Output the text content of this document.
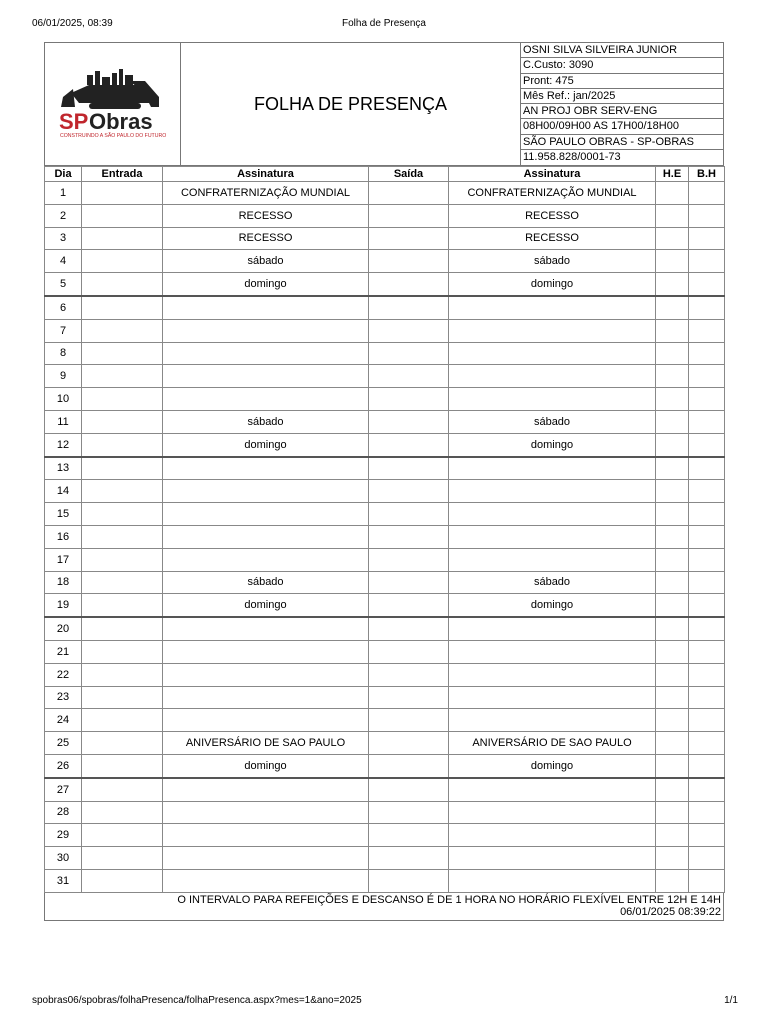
06/01/2025, 08:39	Folha de Presença
SP Obras
CONSTRUINDO A SÃO PAULO DO FUTURO
	FOLHA DE PRESENÇA	
OSNI SILVA SILVEIRA JUNIOR
C.Custo: 3090
Pront: 475
Mês Ref.: jan/2025
AN PROJ OBR SERV-ENG
08H00/09H00 AS 17H00/18H00
SÃO PAULO OBRAS - SP-OBRAS
11.958.828/0001-73
Dia	Entrada	Assinatura	Saída	Assinatura	H.E	B.H
1		CONFRATERNIZAÇÃO MUNDIAL		CONFRATERNIZAÇÃO MUNDIAL		
2		RECESSO		RECESSO		
3		RECESSO		RECESSO		
4		sábado		sábado		
5		domingo		domingo		
6						
7						
8						
9						
10						
11		sábado		sábado		
12		domingo		domingo		
13						
14						
15						
16						
17						
18		sábado		sábado		
19		domingo		domingo		
20						
21						
22						
23						
24						
25		ANIVERSÁRIO DE SAO PAULO		ANIVERSÁRIO DE SAO PAULO		
26		domingo		domingo		
27						
28						
29						
30						
31						
O INTERVALO PARA REFEIÇÕES E DESCANSO É DE 1 HORA NO HORÁRIO FLEXÍVEL ENTRE 12H E 14H
06/01/2025 08:39:22
spobras06/spobras/folhaPresenca/folhaPresenca.aspx?mes=1&ano=2025	1/1
